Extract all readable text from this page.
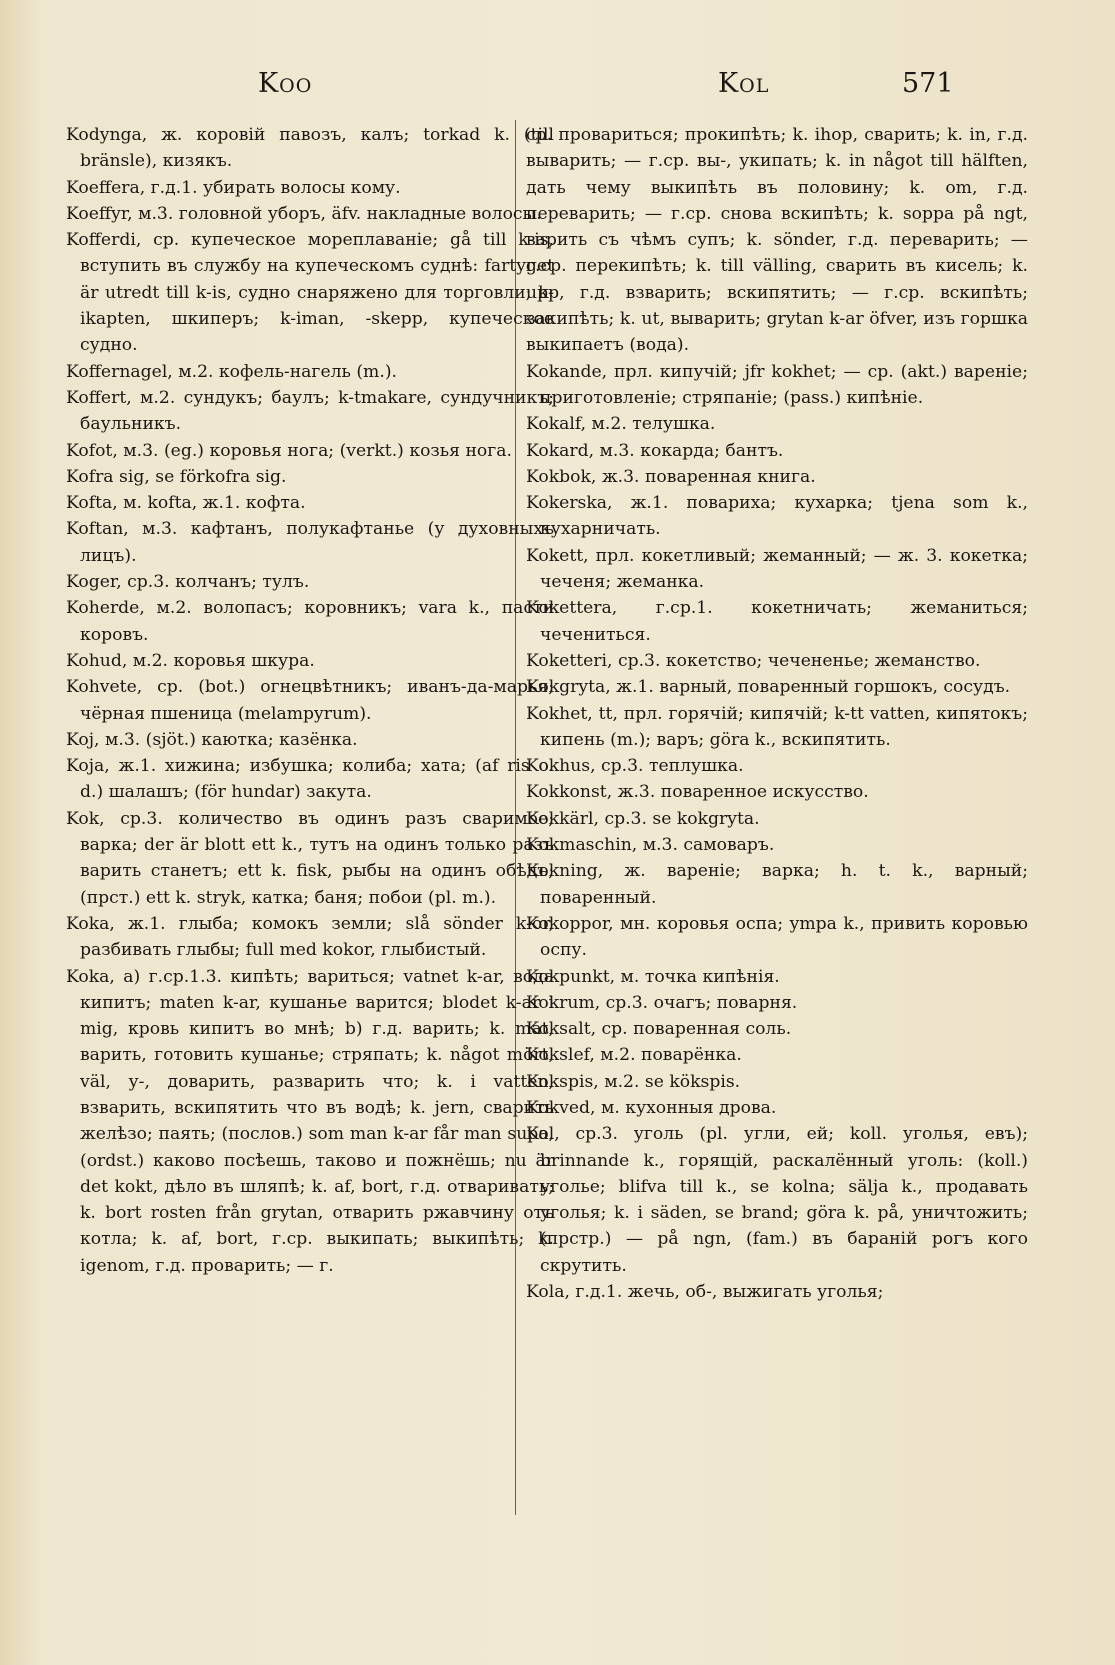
Koo	Kol	571
Kodynga, ж. коровій павозъ, калъ; torkad k. (till bränsle), кизякъ.
Koeffera, г.д.1. убирать волосы кому.
Koeffyr, м.3. головной уборъ, äfv. накладные волосы.
Kofferdi, ср. купеческое мореплаваніе; gå till k-is, вступить въ службу на купеческомъ суднѣ: fartyget är utredt till k-is, судно снаряжено для торговли; k-ikapten, шкиперъ; k-iman, -skepp, купеческое судно.
Koffernagel, м.2. кофель-нагель (m.).
Koffert, м.2. сундукъ; баулъ; k-tmakare, сундучникъ; баульникъ.
Kofot, м.3. (eg.) коровья нога; (verkt.) козья нога.
Kofra sig, se förkofra sig.
Kofta, м. kofta, ж.1. кофта.
Koftan, м.3. кафтанъ, полукафтанье (у духовныхъ лицъ).
Koger, ср.3. колчанъ; тулъ.
Koherde, м.2. волопасъ; коровникъ; vara k., пасти коровъ.
Kohud, м.2. коровья шкура.
Kohvete, ср. (bot.) огнецвѣтникъ; иванъ-да-марья; чёрная пшеница (melampyrum).
Koj, м.3. (sjöt.) каютка; казёнка.
Koja, ж.1. хижина; избушка; колиба; хата; (af ris o. d.) шалашъ; (för hundar) закута.
Kok, ср.3. количество въ одинъ разъ сваримое; варка; der är blott ett k., тутъ на одинъ только разъ варить станетъ; ett k. fisk, рыбы на одинъ обѣдъ; (прст.) ett k. stryk, катка; баня; побои (pl. m.).
Koka, ж.1. глыба; комокъ земли; slå sönder k-or, разбивать глыбы; full med kokor, глыбистый.
Koka, a) г.ср.1.3. кипѣть; вариться; vatnet k-ar, вода кипитъ; maten k-ar, кушанье варится; blodet k-ar i mig, кровь кипитъ во мнѣ; b) г.д. варить; k. mat, варить, готовить кушанье; стряпать; k. något mört, väl, у-, доварить, разварить что; k. i vatten, взварить, вскипятить что въ водѣ; k. jern, сварить желѣзо; паять; (послов.) som man k-ar får man supa, (ordst.) каково посѣешь, таково и пожнёшь; nu är det kokt, дѣло въ шляпѣ; k. af, bort, г.д. отваривать; k. bort rosten från grytan, отварить ржавчину отъ котла; k. af, bort, г.ср. выкипать; выкипѣть; k. igenom, г.д. проварить; — г.
ср. провариться; прокипѣть; k. ihop, сварить; k. in, г.д. выварить; — г.ср. вы-, укипать; k. in något till hälften, дать чему выкипѣть въ половину; k. om, г.д. переварить; — г.ср. снова вскипѣть; k. soppa på ngt, варить съ чѣмъ супъ; k. sönder, г.д. переварить; — г.ср. перекипѣть; k. till välling, сварить въ кисель; k. upp, г.д. взварить; вскипятить; — г.ср. вскипѣть; закипѣть; k. ut, выварить; grytan k-ar öfver, изъ горшка выкипаетъ (вода).
Kokande, прл. кипучій; jfr kokhet; — ср. (akt.) вареніе; приготовленіе; стряпаніе; (pass.) кипѣніе.
Kokalf, м.2. телушка.
Kokard, м.3. кокарда; бантъ.
Kokbok, ж.3. поваренная книга.
Kokerska, ж.1. повариха; кухарка; tjena som k., кухарничать.
Kokett, прл. кокетливый; жеманный; — ж. 3. кокетка; чеченя; жеманка.
Kokettera, г.ср.1. кокетничать; жеманиться; чечениться.
Koketteri, ср.3. кокетство; чечененьe; жеманство.
Kokgryta, ж.1. варный, поваренный горшокъ, сосудъ.
Kokhet, tt, прл. горячій; кипячій; k-tt vatten, кипятокъ; кипень (m.); варъ; göra k., вскипятить.
Kokhus, ср.3. теплушка.
Kokkonst, ж.3. поваренное искусство.
Kokkärl, ср.3. se kokgryta.
Kokmaschin, м.3. самоваръ.
Kokning, ж. вареніе; варка; h. t. k., варный; поваренный.
Kokoppor, мн. коровья оспа; ympa k., привить коровью оспу.
Kokpunkt, м. точка кипѣнія.
Kokrum, ср.3. очагъ; поварня.
Koksalt, ср. поваренная соль.
Kokslef, м.2. поварёнка.
Kokspis, м.2. se kökspis.
Kokved, м. кухонныя дрова.
Kol, ср.3. уголь (pl. угли, ей; koll. уголья, евъ); brinnande k., горящій, раскалённый уголь: (koll.) уголье; blifva till k., se kolna; sälja k., продавать уголья; k. i säden, se brand; göra k. på, уничтожить; (прстр.) — på ngn, (fam.) въ бараній рогъ кого скрутить.
Kola, г.д.1. жечь, об-, выжигать уголья;
